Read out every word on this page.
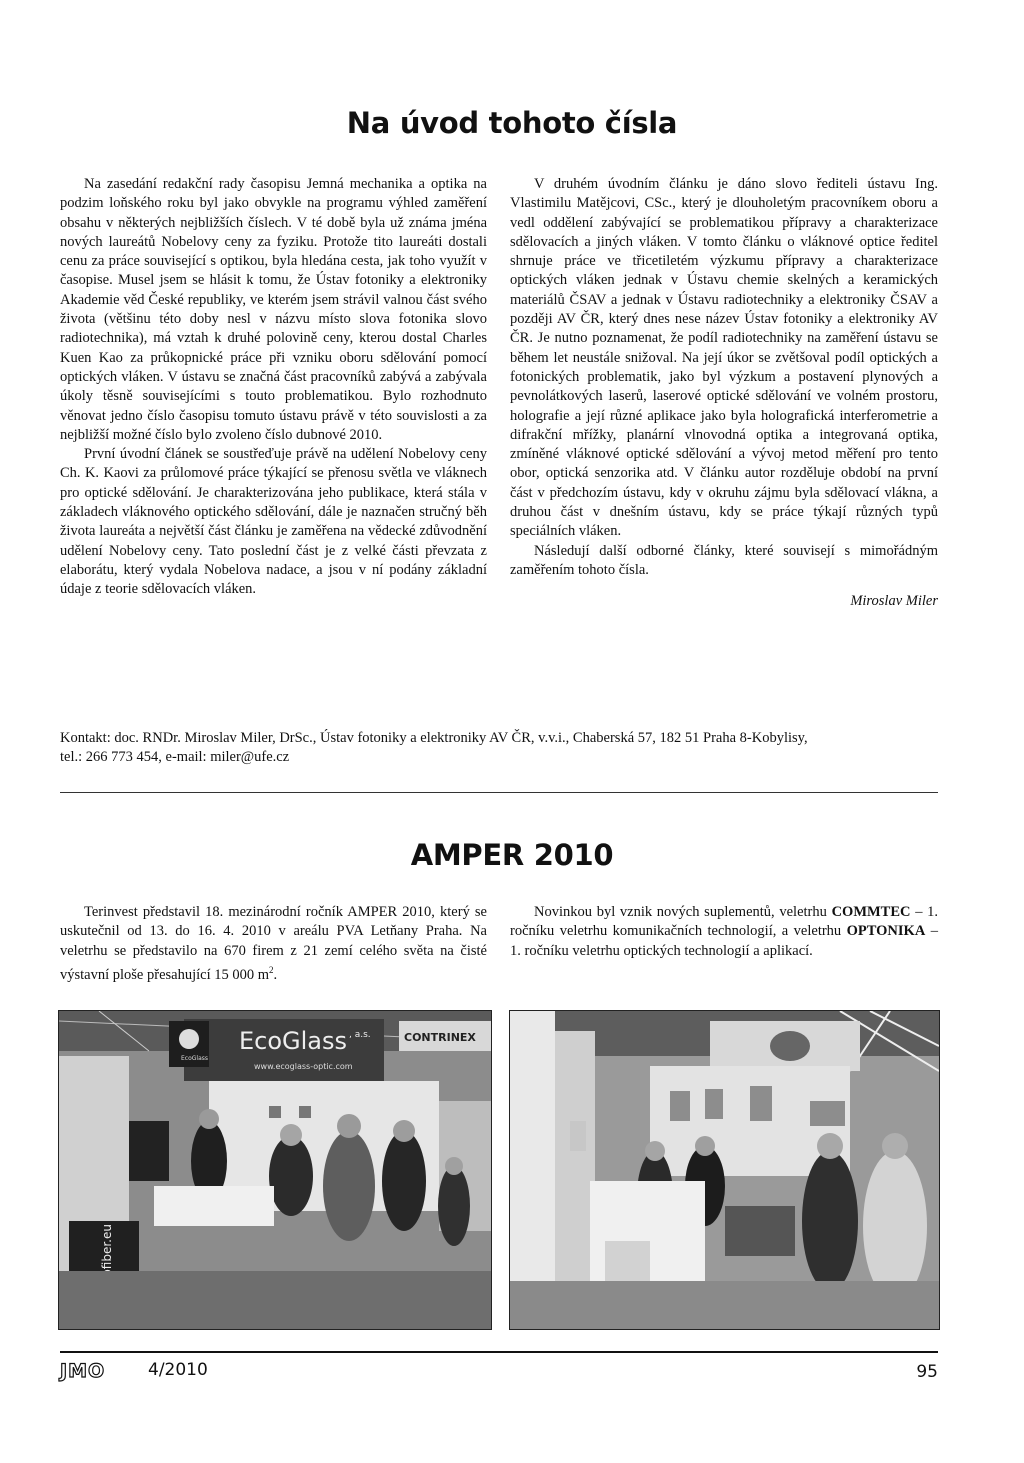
Na úvod tohoto čísla

Na zasedání redakční rady časopisu Jemná mechanika a optika na podzim loňského roku byl jako obvykle na programu výhled zaměření obsahu v některých nejbližších číslech. V té době byla už známa jména nových laureátů Nobelovy ceny za fyziku. Protože tito laureáti dostali cenu za práce související s optikou, byla hledána cesta, jak toho využít v časopise. Musel jsem se hlásit k tomu, že Ústav fotoniky a elektroniky Akademie věd České republiky, ve kterém jsem strávil valnou část svého života (většinu této doby nesl v názvu místo slova fotonika slovo radiotechnika), má vztah k druhé polovině ceny, kterou dostal Charles Kuen Kao za průkopnické práce při vzniku oboru sdělování pomocí optických vláken. V ústavu se značná část pracovníků zabývá a zabývala úkoly těsně souvisejícími s touto problematikou. Bylo rozhodnuto věnovat jedno číslo časopisu tomuto ústavu právě v této souvislosti a za nejbližší možné číslo bylo zvoleno číslo dubnové 2010.

První úvodní článek se soustřeďuje právě na udělení Nobelovy ceny Ch. K. Kaovi za průlomové práce týkající se přenosu světla ve vláknech pro optické sdělování. Je charakterizována jeho publikace, která stála v základech vláknového optického sdělování, dále je naznačen stručný běh života laureáta a největší část článku je zaměřena na vědecké zdůvodnění udělení Nobelovy ceny. Tato poslední část je z velké části převzata z elaborátu, který vydala Nobelova nadace, a jsou v ní podány základní údaje z teorie sdělovacích vláken.

V druhém úvodním článku je dáno slovo řediteli ústavu Ing. Vlastimilu Matějcovi, CSc., který je dlouholetým pracovníkem oboru a vedl oddělení zabývající se problematikou přípravy a charakterizace sdělovacích a jiných vláken. V tomto článku o vláknové optice ředitel shrnuje práce ve třicetiletém výzkumu přípravy a charakterizace optických vláken jednak v Ústavu chemie skelných a keramických materiálů ČSAV a jednak v Ústavu radiotechniky a elektroniky ČSAV a později AV ČR, který dnes nese název Ústav fotoniky a elektroniky AV ČR. Je nutno poznamenat, že podíl radiotechniky na zaměření ústavu se během let neustále snižoval. Na její úkor se zvětšoval podíl optických a fotonických problematik, jako byl výzkum a postavení plynových a pevnolátkových laserů, laserové optické sdělování ve volném prostoru, holografie a její různé aplikace jako byla holografická interferometrie a difrakční mřížky, planární vlnovodná optika a integrovaná optika, zmíněné vláknové optické sdělování a vývoj metod měření pro tento obor, optická senzorika atd. V článku autor rozděluje období na první část v předchozím ústavu, kdy v okruhu zájmu byla sdělovací vlákna, a druhou část v dnešním ústavu, kdy se práce týkají různých typů speciálních vláken.

Následují další odborné články, které souvisejí s mimořádným zaměřením tohoto čísla.

Miroslav Miler

Kontakt: doc. RNDr. Miroslav Miler, DrSc., Ústav fotoniky a elektroniky AV ČR, v.v.i., Chaberská 57, 182 51 Praha 8-Kobylisy,
tel.: 266 773 454, e-mail: miler@ufe.cz
AMPER 2010

Terinvest představil 18. mezinárodní ročník AMPER 2010, který se uskutečnil od 13. do 16. 4. 2010 v areálu PVA Letňany Praha. Na veletrhu se představilo na 670 firem z 21 zemí celého světa na čisté výstavní ploše přesahující 15 000 $m^2$.

Novinkou byl vznik nových suplementů, veletrhu COMMTEC – 1. ročníku veletrhu komunikačních technologií, a veletrhu OPTONIKA – 1. ročníku veletrhu optických technologií a aplikací.

EcoGlass
EcoGlass , a.s.
www.ecoglass-optic.com
CONTRINEX
JMO	4/2010	95
